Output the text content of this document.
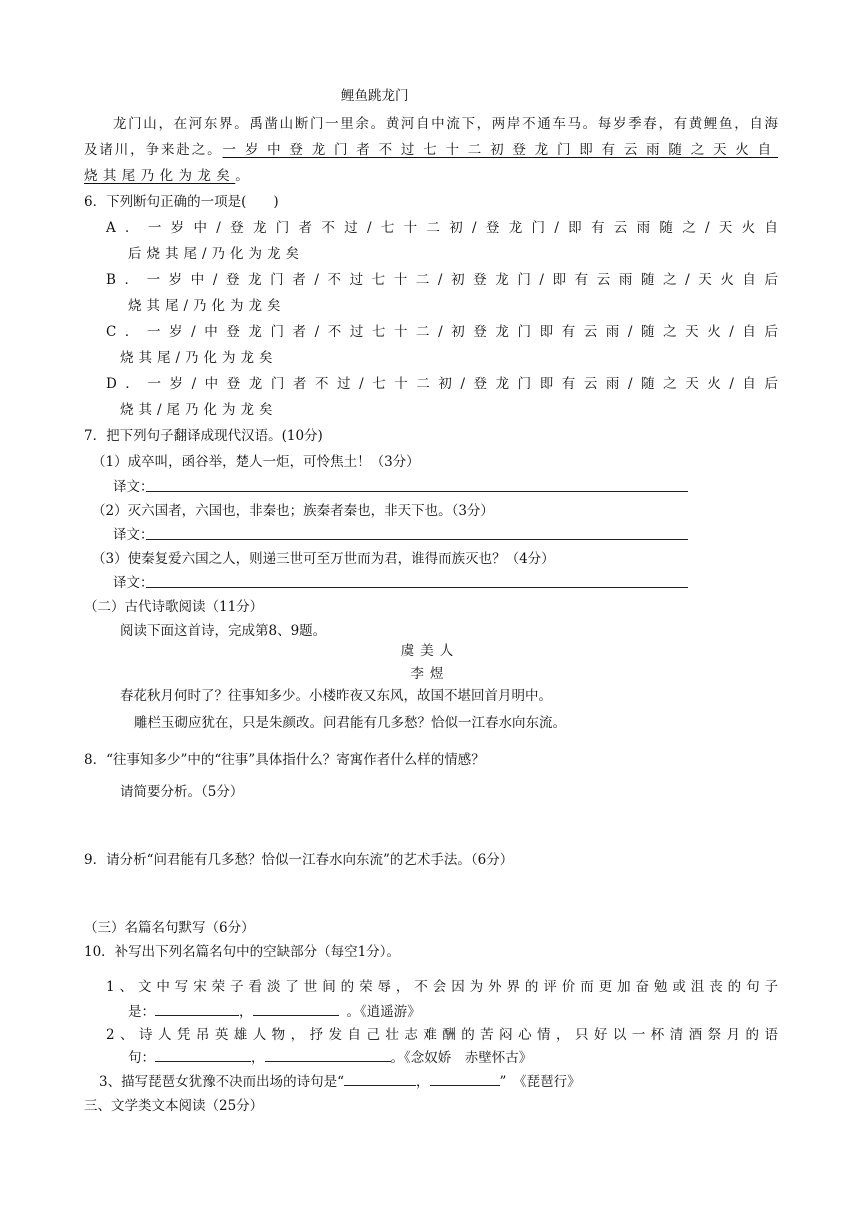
鲤鱼跳龙门
龙门山，在河东界。禹凿山断门一里余。黄河自中流下，两岸不通车马。每岁季春，有黄鲤鱼，自海
及诸川，争来赴之。一岁中登龙门者不过七十二初登龙门即有云雨随之天火自
烧其尾乃化为龙矣。
6．下列断句正确的一项是(　　)
A．一岁中/登龙门者不过/七十二初/登龙门/即有云雨随之/天火自
后烧其尾/乃化为龙矣
B．一岁中/登龙门者/不过七十二/初登龙门/即有云雨随之/天火自后
烧其尾/乃化为龙矣
C．一岁/中登龙门者/不过七十二/初登龙门即有云雨/随之天火/自后
烧其尾/乃化为龙矣
D．一岁/中登龙门者不过/七十二初/登龙门即有云雨/随之天火/自后
烧其/尾乃化为龙矣
7．把下列句子翻译成现代汉语。(10分)
（1）成卒叫，函谷举，楚人一炬，可怜焦土！（3分）
译文：
（2）灭六国者，六国也，非秦也；族秦者秦也，非天下也。（3分）
译文：
（3）使秦复爱六国之人，则递三世可至万世而为君，谁得而族灭也？（4分）
译文：
（二）古代诗歌阅读（11分）
阅读下面这首诗，完成第8、9题。
虞美人
李煜
春花秋月何时了？往事知多少。小楼昨夜又东风，故国不堪回首月明中。
雕栏玉砌应犹在，只是朱颜改。问君能有几多愁？恰似一江春水向东流。
8．“往事知多少”中的“往事”具体指什么？寄寓作者什么样的情感？
请简要分析。（5分）
9．请分析“问君能有几多愁？恰似一江春水向东流”的艺术手法。（6分）
（三）名篇名句默写（6分）
10．补写出下列名篇名句中的空缺部分（每空1分）。
1、文中写宋荣子看淡了世间的荣辱，不会因为外界的评价而更加奋勉或沮丧的句子
是：	，	。《逍遥游》
2、诗人凭吊英雄人物，抒发自己壮志难酬的苦闷心情，只好以一杯清酒祭月的语
句：	，	。《念奴娇　赤壁怀古》
3、描写琵琶女犹豫不决而出场的诗句是“	，	”　《琵琶行》
三、文学类文本阅读（25分）
